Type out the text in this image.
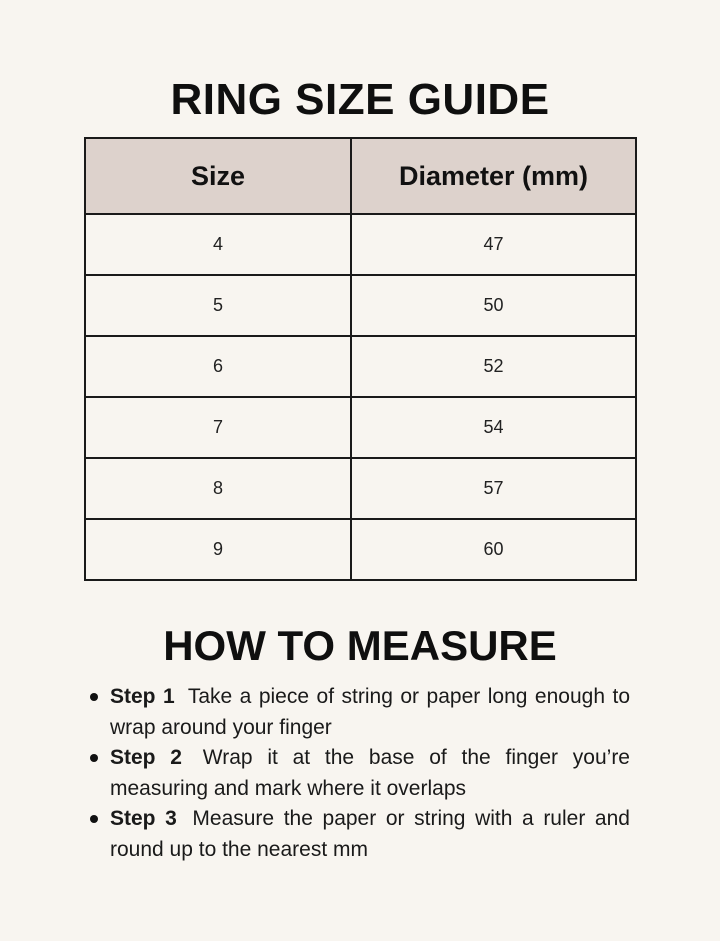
RING SIZE GUIDE
Size	Diameter (mm)
4	47
5	50
6	52
7	54
8	57
9	60
HOW TO MEASURE
Step 1 Take a piece of string or paper long enough to wrap around your finger
Step 2 Wrap it at the base of the finger you’re measuring and mark where it overlaps
Step 3 Measure the paper or string with a ruler and round up to the nearest mm
